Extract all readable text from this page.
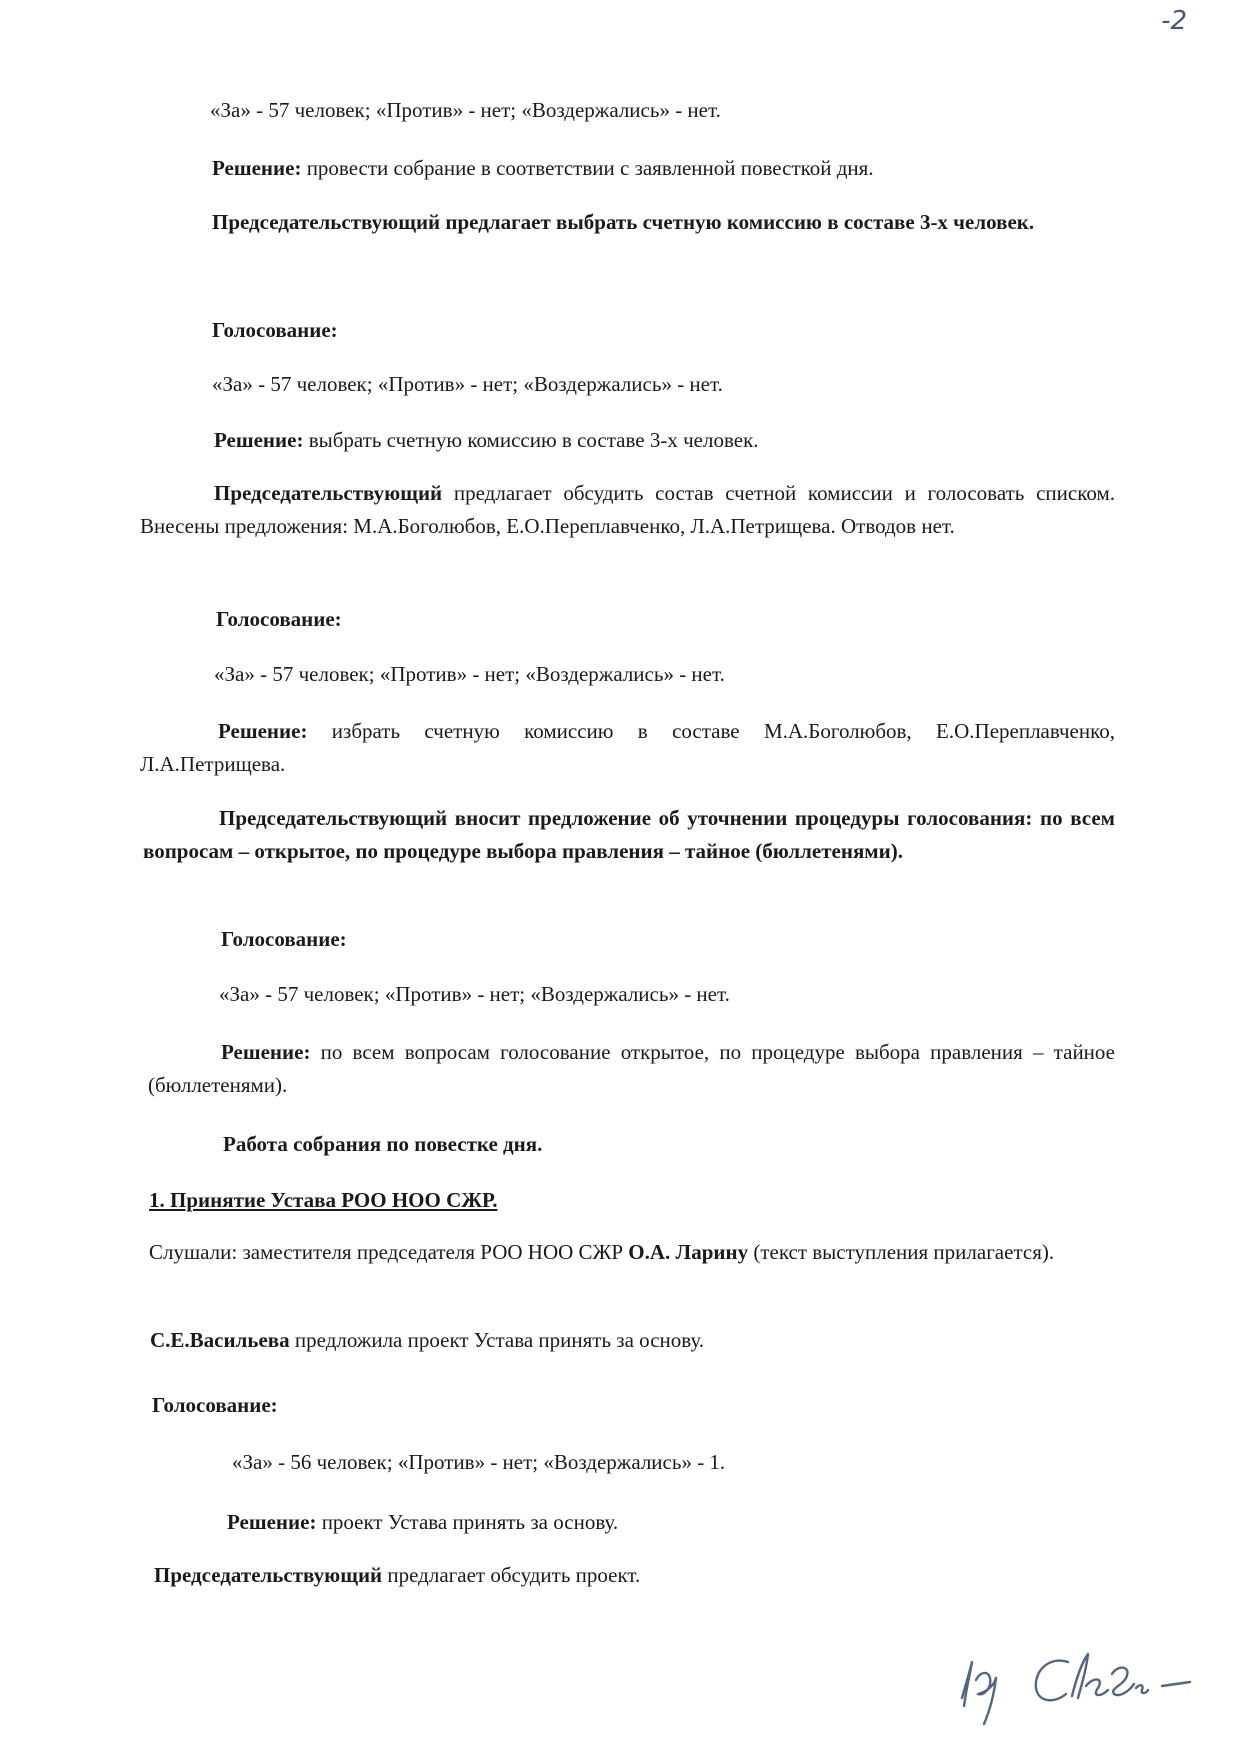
-2

«За» - 57 человек; «Против» - нет; «Воздержались» - нет.

Решение: провести собрание в соответствии с заявленной повесткой дня.

Председательствующий предлагает выбрать счетную комиссию в составе 3-х человек.

Голосование:

«За» - 57 человек; «Против» - нет; «Воздержались» - нет.

Решение: выбрать счетную комиссию в составе 3-х человек.

Председательствующий предлагает обсудить состав счетной комиссии и голосовать списком. Внесены предложения: М.А.Боголюбов, Е.О.Переплавченко, Л.А.Петрищева. Отводов нет.

Голосование:

«За» - 57 человек; «Против» - нет; «Воздержались» - нет.

Решение: избрать счетную комиссию в составе М.А.Боголюбов, Е.О.Переплавченко, Л.А.Петрищева.

Председательствующий вносит предложение об уточнении процедуры голосования: по всем вопросам – открытое, по процедуре выбора правления – тайное (бюллетенями).

Голосование:

«За» - 57 человек; «Против» - нет; «Воздержались» - нет.

Решение: по всем вопросам голосование открытое, по процедуре выбора правления – тайное (бюллетенями).

Работа собрания по повестке дня.

1. Принятие Устава РОО НОО СЖР.

Слушали: заместителя председателя РОО НОО СЖР О.А. Ларину (текст выступления прилагается).

С.Е.Васильева предложила проект Устава принять за основу.

Голосование:

«За» - 56 человек; «Против» - нет; «Воздержались» - 1.

Решение: проект Устава принять за основу.

Председательствующий предлагает обсудить проект.
